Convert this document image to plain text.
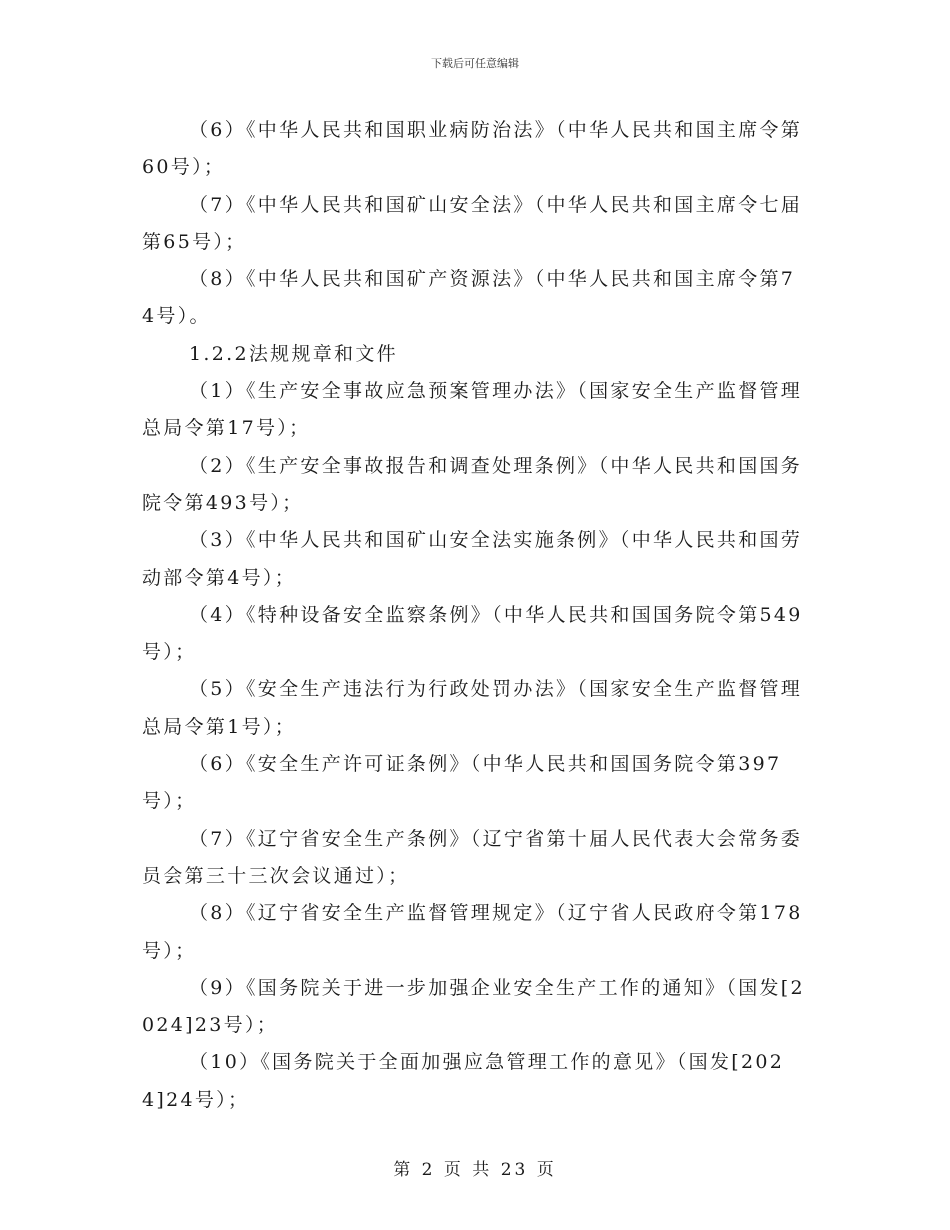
下载后可任意编辑

（6）《中华人民共和国职业病防治法》（中华人民共和国主席令第60号）；

（7）《中华人民共和国矿山安全法》（中华人民共和国主席令七届第65号）；

（8）《中华人民共和国矿产资源法》（中华人民共和国主席令第74号）。

1.2.2法规规章和文件

（1）《生产安全事故应急预案管理办法》（国家安全生产监督管理总局令第17号）；

（2）《生产安全事故报告和调查处理条例》（中华人民共和国国务院令第493号）；

（3）《中华人民共和国矿山安全法实施条例》（中华人民共和国劳动部令第4号）；

（4）《特种设备安全监察条例》（中华人民共和国国务院令第549号）；

（5）《安全生产违法行为行政处罚办法》（国家安全生产监督管理总局令第1号）；

（6）《安全生产许可证条例》（中华人民共和国国务院令第397号）；

（7）《辽宁省安全生产条例》（辽宁省第十届人民代表大会常务委员会第三十三次会议通过）；

（8）《辽宁省安全生产监督管理规定》（辽宁省人民政府令第178号）；

（9）《国务院关于进一步加强企业安全生产工作的通知》（国发[2024]23号）；

（10）《国务院关于全面加强应急管理工作的意见》（国发[2024]24号）；

第 2 页 共 23 页
